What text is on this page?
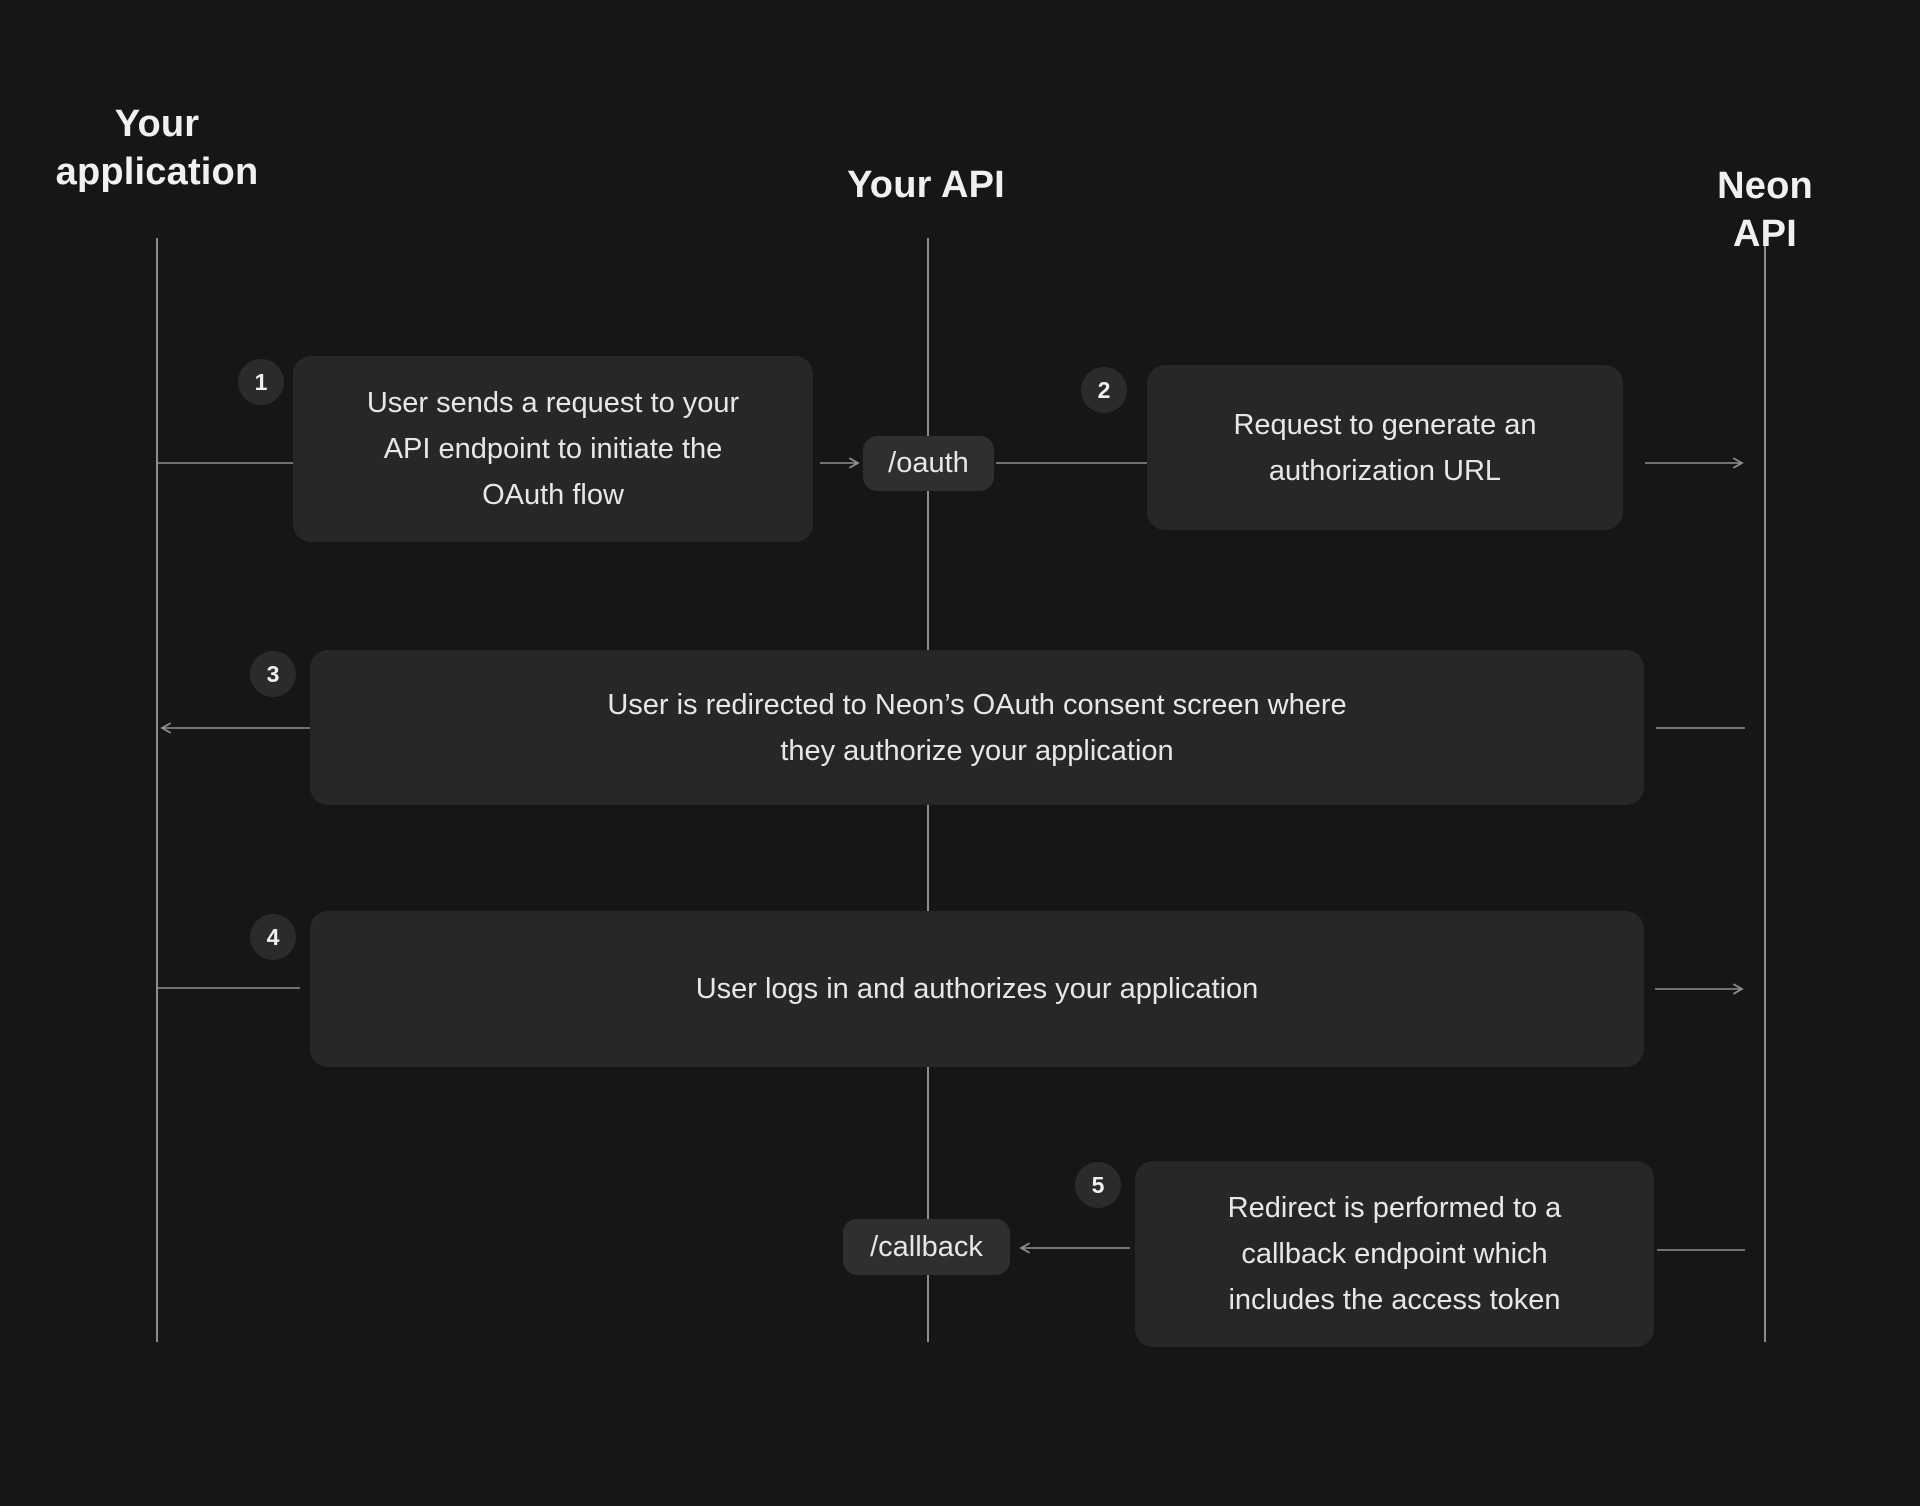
Your application	Your API	Neon API
1	2
3
4
5
User sends a request to your
API endpoint to initiate the
OAuth flow
/oauth
Request to generate an
authorization URL
User is redirected to Neon’s OAuth consent screen where
they authorize your application
User logs in and authorizes your application
/callback
Redirect is performed to a
callback endpoint which
includes the access token
